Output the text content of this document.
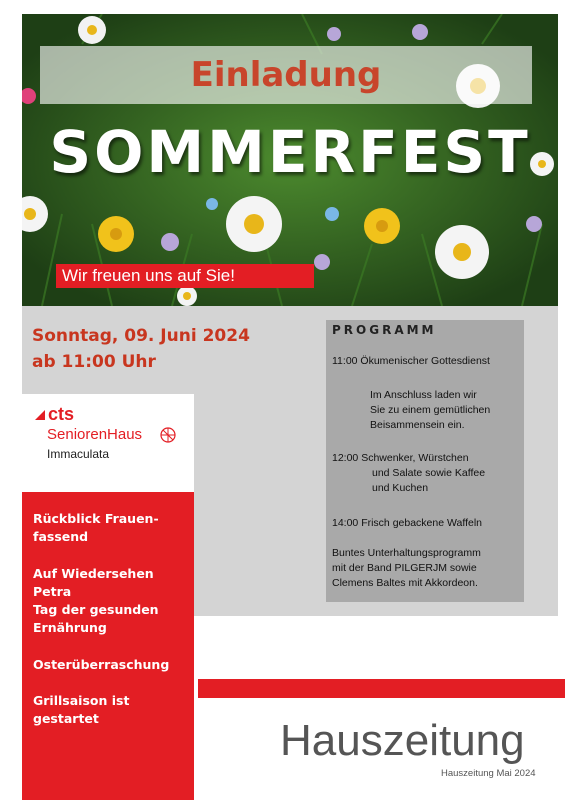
Einladung
SOMMERFEST
Wir freuen uns auf Sie!
Sonntag, 09. Juni 2024
ab 11:00 Uhr
PROGRAMM
11:00 Ökumenischer Gottesdienst
Im Anschluss laden wir
Sie zu einem gemütlichen
Beisammensein ein.
12:00 Schwenker, Würstchen
und Salate sowie Kaffee
und Kuchen
14:00 Frisch gebackene Waffeln
Buntes Unterhaltungsprogramm
mit der Band PILGERJM sowie
Clemens Baltes mit Akkordeon.
cts
SeniorenHaus
Immaculata
Rückblick Frauen-
fassend
Auf Wiedersehen Petra
Tag der gesunden
Ernährung
Osterüberraschung
Grillsaison ist gestartet	Hauszeitung
Hauszeitung Mai 2024
